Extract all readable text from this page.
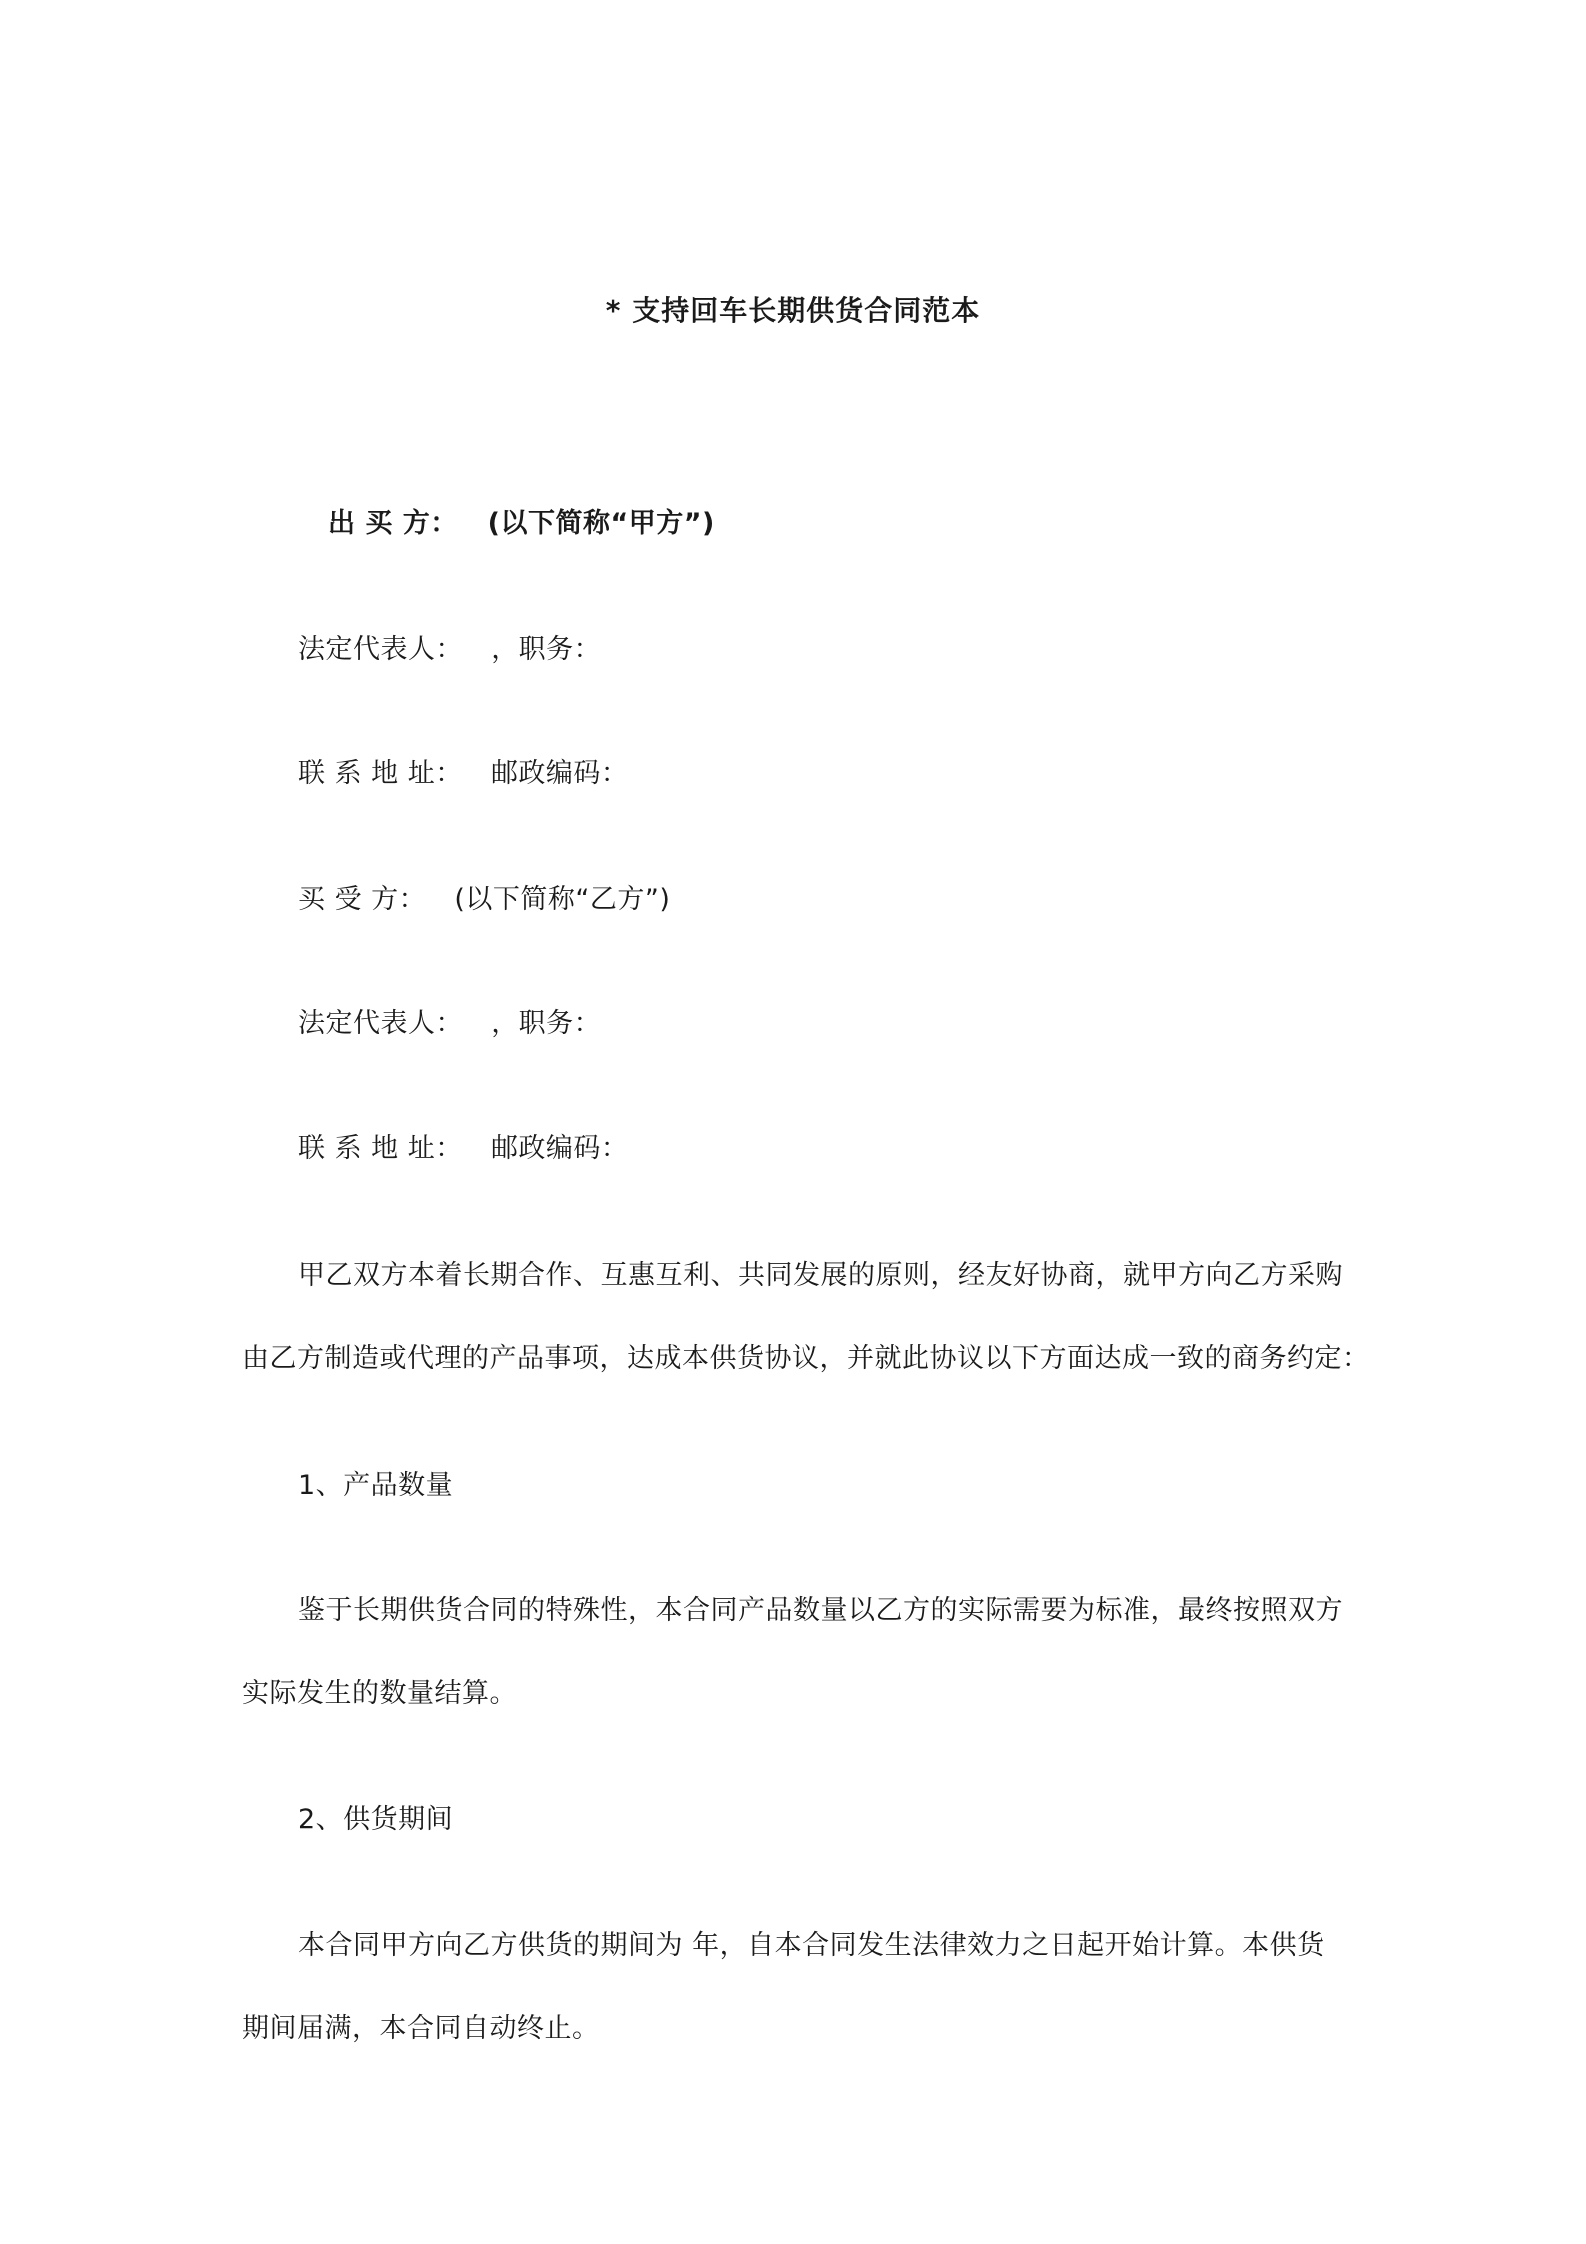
* 支持回车长期供货合同范本
出 买 方： (以下简称“甲方”)
法定代表人： ，职务：
联 系 地 址： 邮政编码：
买 受 方： (以下简称“乙方”)
法定代表人： ，职务：
联 系 地 址： 邮政编码：
甲乙双方本着长期合作、互惠互利、共同发展的原则，经友好协商，就甲方向乙方采购
由乙方制造或代理的产品事项，达成本供货协议，并就此协议以下方面达成一致的商务约定：
1、产品数量
鉴于长期供货合同的特殊性，本合同产品数量以乙方的实际需要为标准，最终按照双方
实际发生的数量结算。
2、供货期间
本合同甲方向乙方供货的期间为 年，自本合同发生法律效力之日起开始计算。本供货
期间届满，本合同自动终止。
